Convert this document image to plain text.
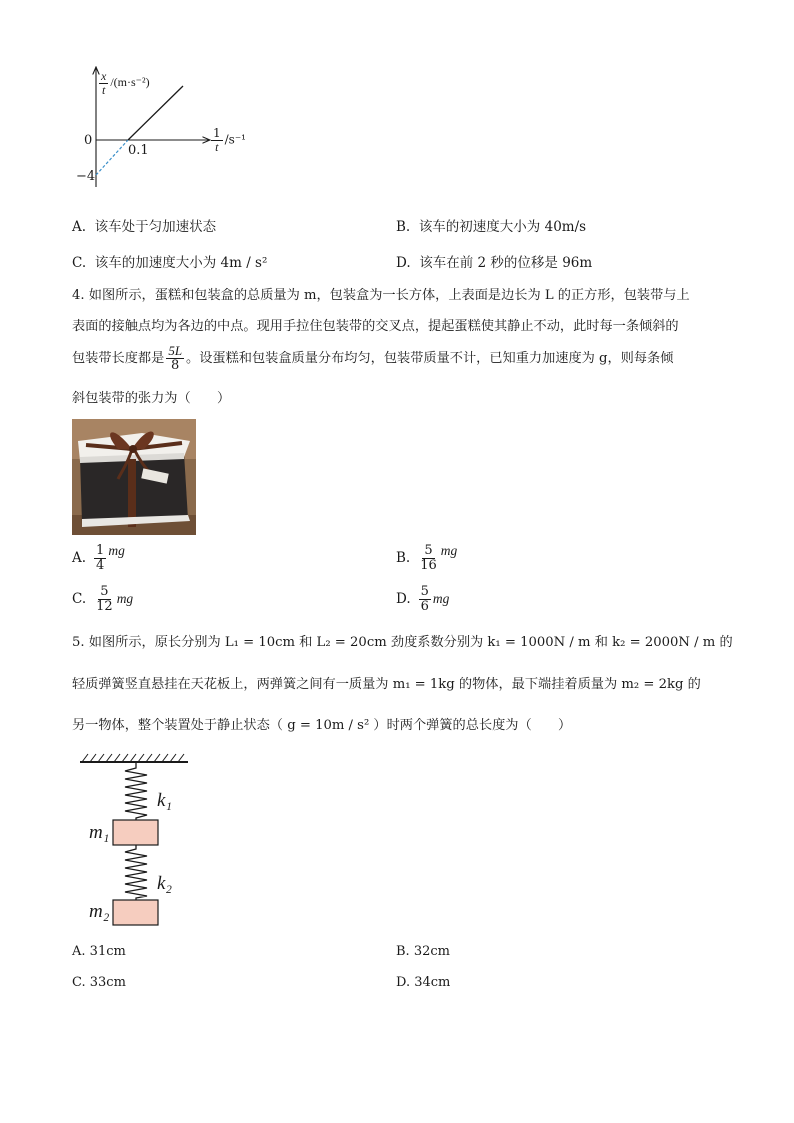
$\frac{x}{t} /(m\cdot s^{-2})$
$\frac{1}{t} /s^{-1}$
0
0.1
−4
A. 该车处于匀加速状态	B. 该车的初速度大小为 40m/s
C. 该车的加速度大小为 4m / s²	D. 该车在前 2 秒的位移是 96m
4. 如图所示，蛋糕和包装盒的总质量为 m，包装盒为一长方体，上表面是边长为 L 的正方形，包装带与上
表面的接触点均为各边的中点。现用手拉住包装带的交叉点，提起蛋糕使其静止不动，此时每一条倾斜的
包装带长度都是 $\frac{5L}{8}$ 。设蛋糕和包装盒质量分布均匀，包装带质量不计，已知重力加速度为 g，则每条倾
斜包装带的张力为（　　）
A. $\frac{1}{4}$ mg	B. $\frac{5}{16}$ mg
C. $\frac{5}{12}$ mg	D. $\frac{5}{6}$ mg
5. 如图所示，原长分别为 L₁ = 10cm 和 L₂ = 20cm 劲度系数分别为 k₁ = 1000N / m 和 k₂ = 2000N / m 的
轻质弹簧竖直悬挂在天花板上，两弹簧之间有一质量为 m₁ = 1kg 的物体，最下端挂着质量为 m₂ = 2kg 的
另一物体，整个装置处于静止状态（ g = 10m / s² ）时两个弹簧的总长度为（　　）
k₁
m₁
k₂
m₂
A. 31cm	B. 32cm
C. 33cm	D. 34cm
